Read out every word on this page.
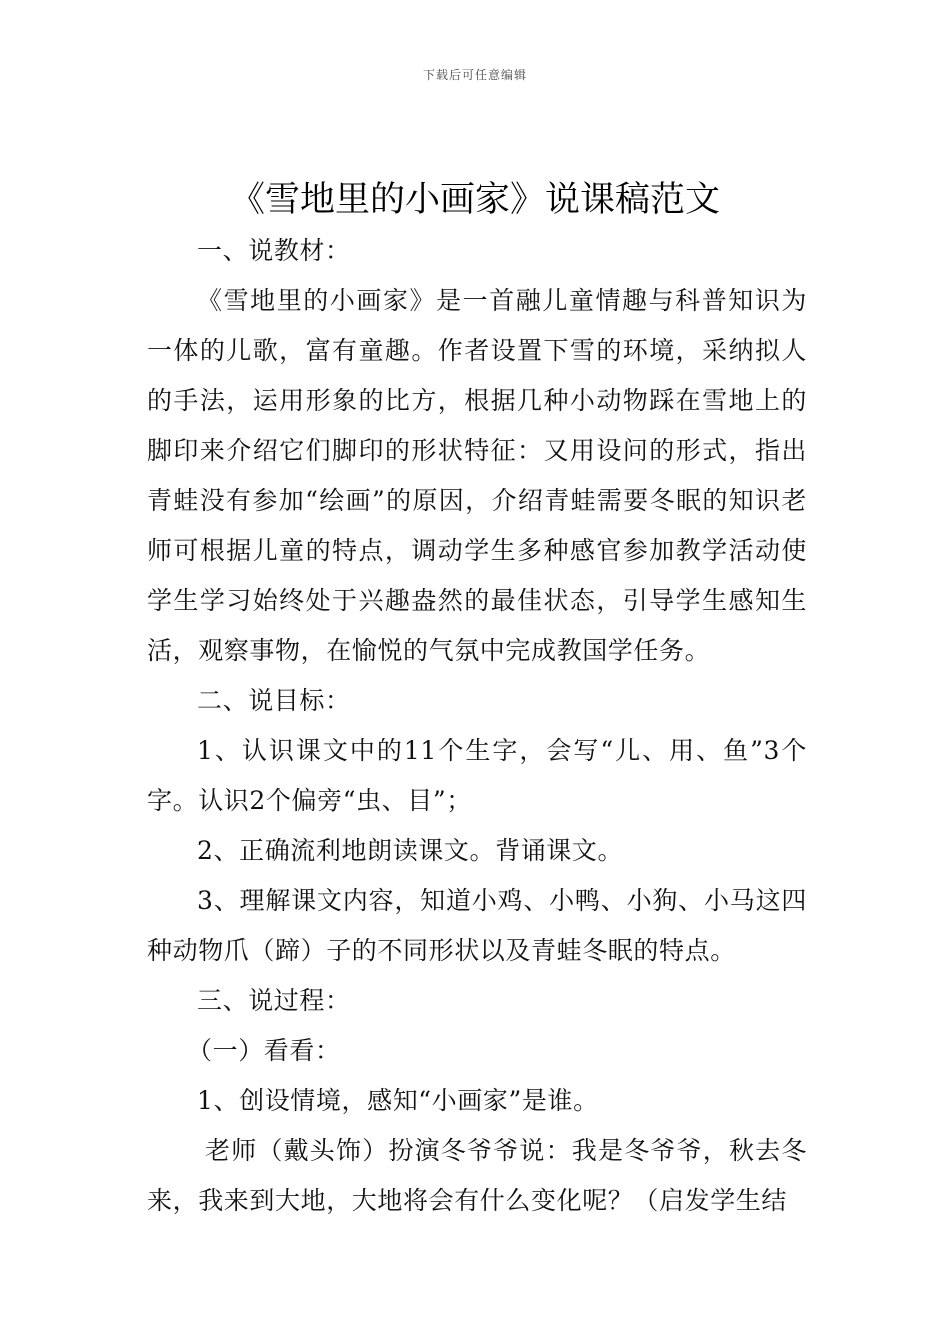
下载后可任意编辑
《雪地里的小画家》说课稿范文

一、说教材：

《雪地里的小画家》是一首融儿童情趣与科普知识为一体的儿歌，富有童趣。作者设置下雪的环境，采纳拟人的手法，运用形象的比方，根据几种小动物踩在雪地上的脚印来介绍它们脚印的形状特征：又用设问的形式，指出青蛙没有参加“绘画”的原因，介绍青蛙需要冬眠的知识老师可根据儿童的特点，调动学生多种感官参加教学活动使学生学习始终处于兴趣盎然的最佳状态，引导学生感知生活，观察事物，在愉悦的气氛中完成教国学任务。

二、说目标：

1、认识课文中的11个生字，会写“儿、用、鱼”3个字。认识2个偏旁“虫、目”；

2、正确流利地朗读课文。背诵课文。

3、理解课文内容，知道小鸡、小鸭、小狗、小马这四种动物爪（蹄）子的不同形状以及青蛙冬眠的特点。

三、说过程：

（一）看看：

1、创设情境，感知“小画家”是谁。

老师（戴头饰）扮演冬爷爷说：我是冬爷爷，秋去冬来，我来到大地，大地将会有什么变化呢？（启发学生结
